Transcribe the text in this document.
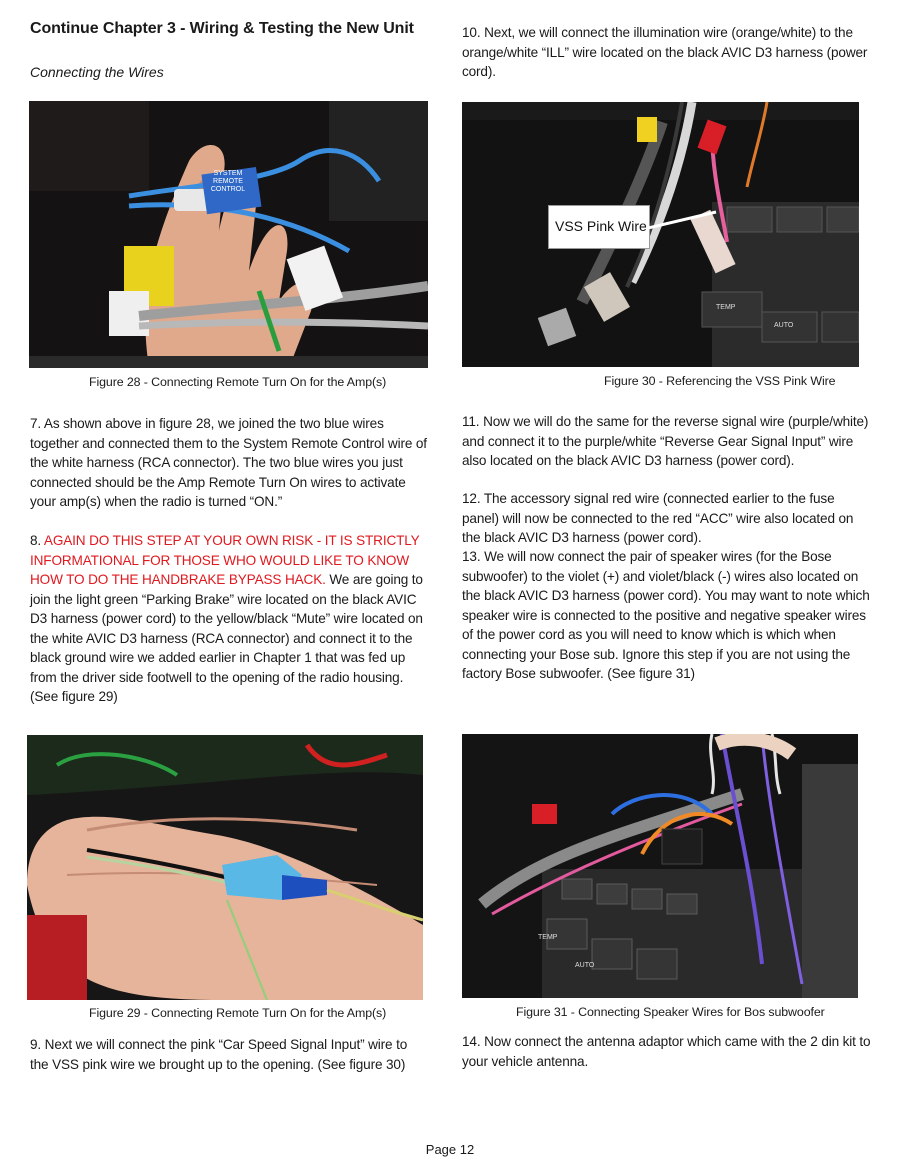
Continue Chapter 3 - Wiring & Testing the New Unit
Connecting the Wires
SYSTEM REMOTE CONTROL
Figure 28 - Connecting Remote Turn On for the Amp(s)
7. As shown above in figure 28, we joined the two blue wires together and connected them to the System Remote Control wire of the white harness (RCA connector). The two blue wires you just connected should be the Amp Remote Turn On wires to activate your amp(s) when the radio is turned “ON.”
8. AGAIN DO THIS STEP AT YOUR OWN RISK - IT IS STRICTLY INFORMATIONAL FOR THOSE WHO WOULD LIKE TO KNOW HOW TO DO THE HANDBRAKE BYPASS HACK. We are going to join the light green “Parking Brake” wire located on the black AVIC D3 harness (power cord) to the yellow/black “Mute” wire located on the white AVIC D3 harness (RCA connector) and connect it to the black ground wire we added earlier in Chapter 1 that was fed up from the driver side footwell to the opening of the radio housing. (See figure 29)
Figure 29 - Connecting Remote Turn On for the Amp(s)
9. Next we will connect the pink “Car Speed Signal Input” wire to the VSS pink wire we brought up to the opening. (See figure 30)
10. Next, we will connect the illumination wire (orange/white) to the orange/white “ILL” wire located on the black AVIC D3 harness (power cord).
VSS Pink Wire
TEMP
AUTO
Figure 30 - Referencing the VSS Pink Wire
11. Now we will do the same for the reverse signal wire (purple/white) and connect it to the purple/white “Reverse Gear Signal Input” wire also located on the black AVIC D3 harness (power cord).
12. The accessory signal red wire (connected earlier to the fuse panel) will now be connected to the red “ACC” wire also located on the black AVIC D3 harness (power cord).
13. We will now connect the pair of speaker wires (for the Bose subwoofer) to the violet (+) and violet/black (-) wires also located on the black AVIC D3 harness (power cord). You may want to note which speaker wire is connected to the positive and negative speaker wires of the power cord as you will need to know which is which when connecting your Bose sub. Ignore this step if you are not using the factory Bose subwoofer. (See figure 31)
AUTO
TEMP
Figure 31 - Connecting Speaker Wires for Bos subwoofer
14. Now connect the antenna adaptor which came with the 2 din kit to your vehicle antenna.
Page 12
